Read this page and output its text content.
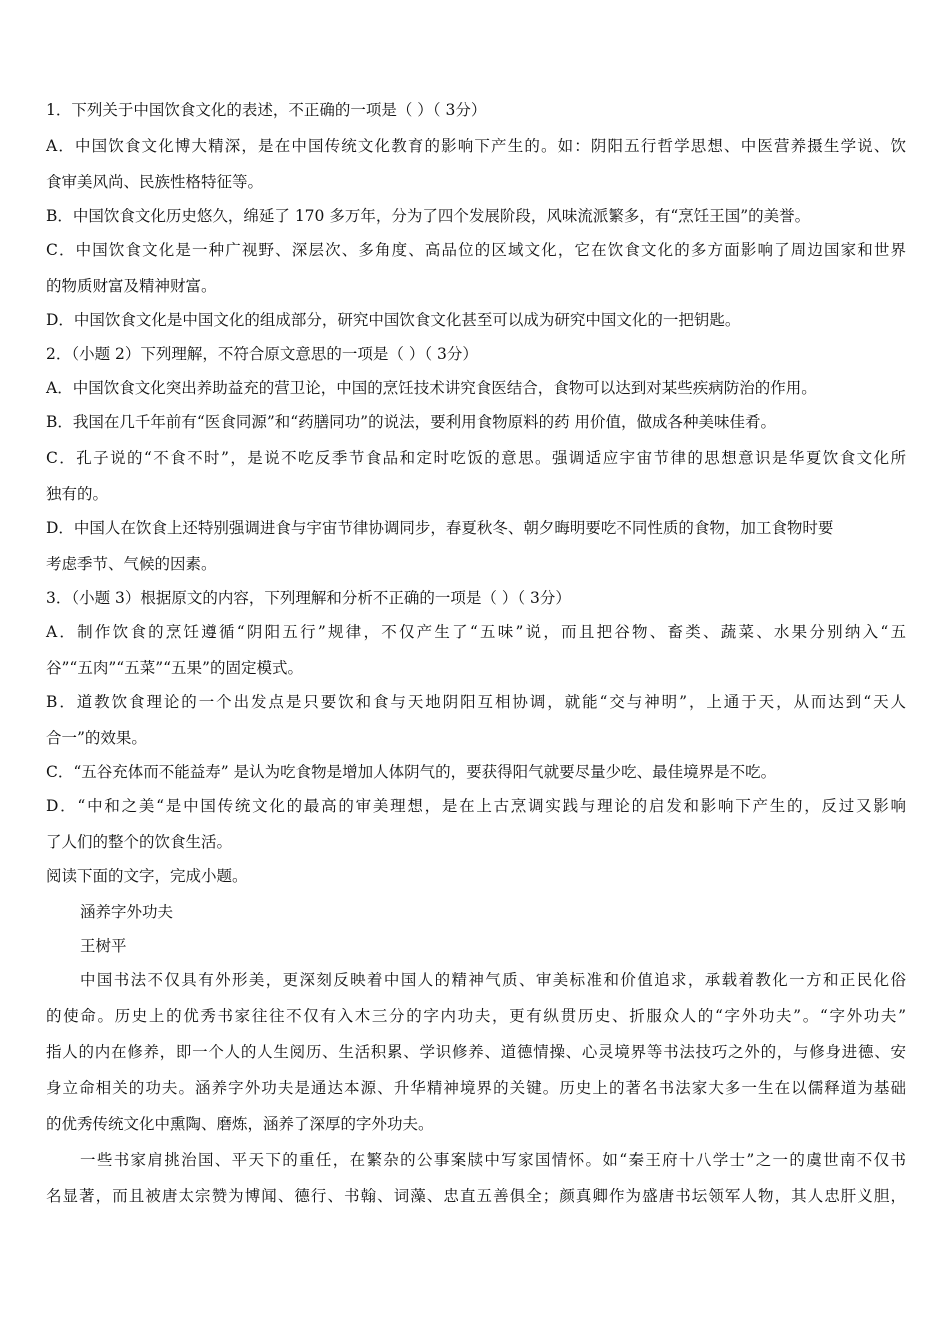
1．下列关于中国饮食文化的表述，不正确的一项是（ ）（ 3分）
A．中国饮食文化博大精深，是在中国传统文化教育的影响下产生的。如：阴阳五行哲学思想、中医营养摄生学说、饮
食审美风尚、民族性格特征等。
B．中国饮食文化历史悠久，绵延了 170 多万年，分为了四个发展阶段，风味流派繁多，有“烹饪王国”的美誉。
C．中国饮食文化是一种广视野、深层次、多角度、高品位的区域文化，它在饮食文化的多方面影响了周边国家和世界
的物质财富及精神财富。
D．中国饮食文化是中国文化的组成部分，研究中国饮食文化甚至可以成为研究中国文化的一把钥匙。
2．（小题 2）下列理解，不符合原文意思的一项是（ ）（ 3分）
A．中国饮食文化突出养助益充的营卫论，中国的烹饪技术讲究食医结合，食物可以达到对某些疾病防治的作用。
B．我国在几千年前有“医食同源”和“药膳同功”的说法，要利用食物原料的药 用价值，做成各种美味佳肴。
C．孔子说的“不食不时”，是说不吃反季节食品和定时吃饭的意思。强调适应宇宙节律的思想意识是华夏饮食文化所
独有的。
D．中国人在饮食上还特别强调进食与宇宙节律协调同步，春夏秋冬、朝夕晦明要吃不同性质的食物，加工食物时要
考虑季节、气候的因素。
3．（小题 3）根据原文的内容，下列理解和分析不正确的一项是（ ）（ 3分）
A．制作饮食的烹饪遵循“阴阳五行”规律，不仅产生了“五味”说，而且把谷物、畜类、蔬菜、水果分别纳入“五
谷”“五肉”“五菜”“五果”的固定模式。
B．道教饮食理论的一个出发点是只要饮和食与天地阴阳互相协调，就能“交与神明”，上通于天，从而达到“天人
合一”的效果。
C．“五谷充体而不能益寿” 是认为吃食物是增加人体阴气的，要获得阳气就要尽量少吃、最佳境界是不吃。
D．“中和之美“是中国传统文化的最高的审美理想，是在上古烹调实践与理论的启发和影响下产生的，反过又影响
了人们的整个的饮食生活。
阅读下面的文字，完成小题。
涵养字外功夫
王树平
中国书法不仅具有外形美，更深刻反映着中国人的精神气质、审美标准和价值追求，承载着教化一方和正民化俗
的使命。历史上的优秀书家往往不仅有入木三分的字内功夫，更有纵贯历史、折服众人的“字外功夫”。“字外功夫”
指人的内在修养，即一个人的人生阅历、生活积累、学识修养、道德情操、心灵境界等书法技巧之外的，与修身进德、安
身立命相关的功夫。涵养字外功夫是通达本源、升华精神境界的关键。历史上的著名书法家大多一生在以儒释道为基础
的优秀传统文化中熏陶、磨炼，涵养了深厚的字外功夫。
一些书家肩挑治国、平天下的重任，在繁杂的公事案牍中写家国情怀。如“秦王府十八学士”之一的虞世南不仅书
名显著，而且被唐太宗赞为博闻、德行、书翰、词藻、忠直五善俱全；颜真卿作为盛唐书坛领军人物，其人忠肝义胆，
